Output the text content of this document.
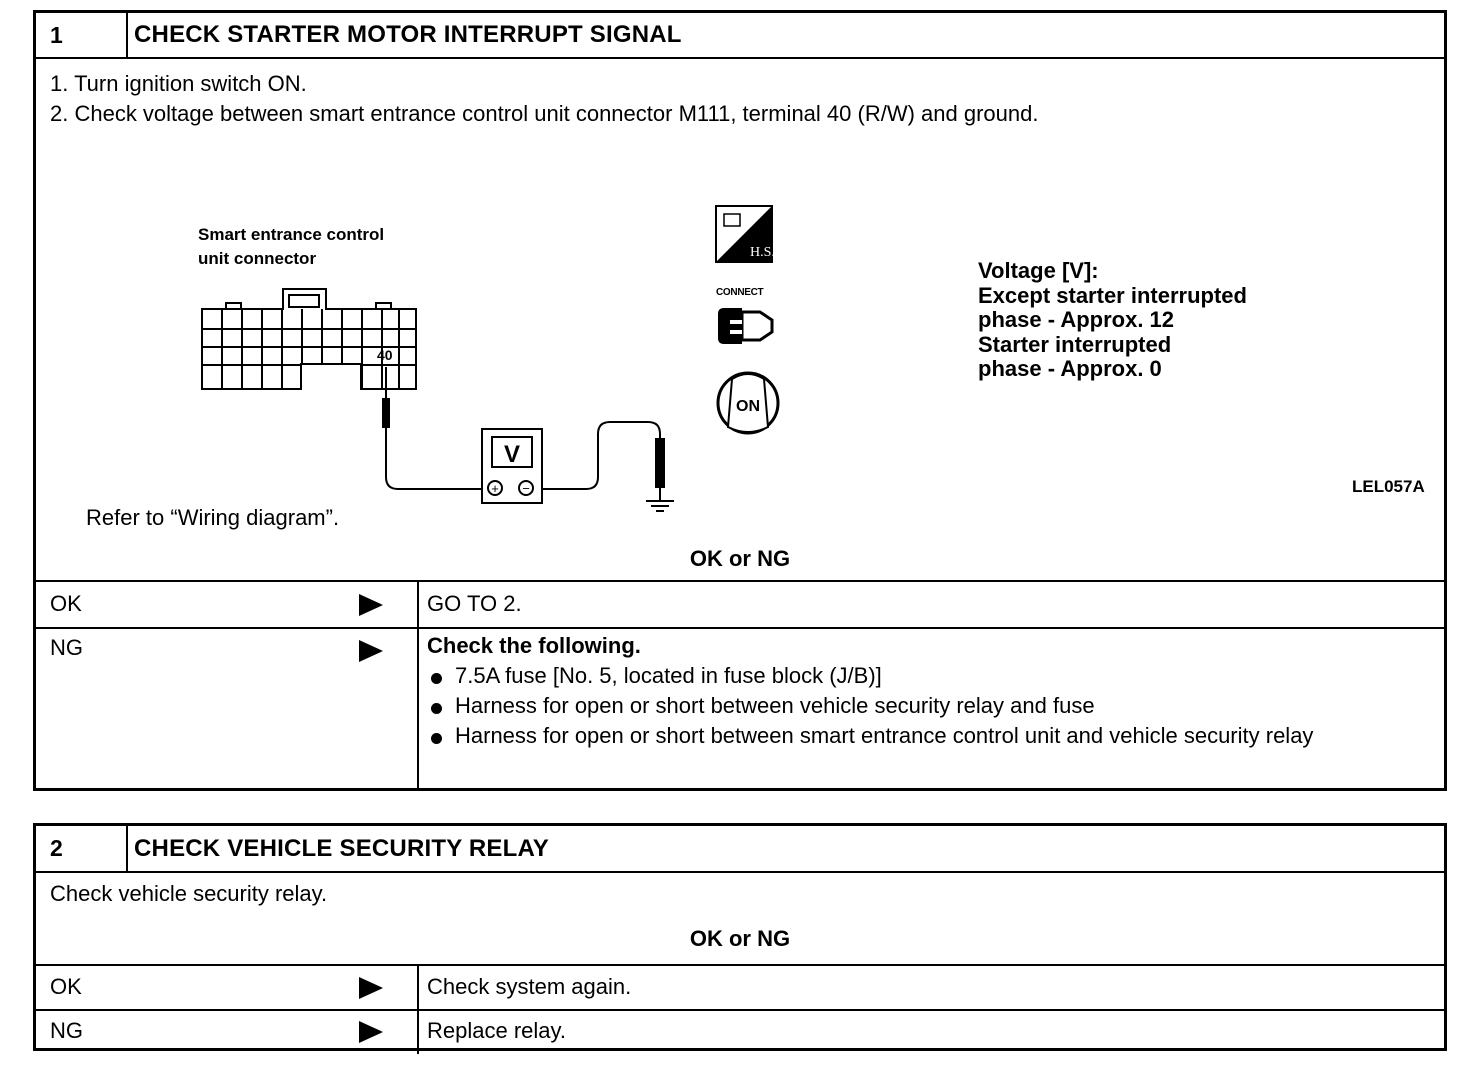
1	CHECK STARTER MOTOR INTERRUPT SIGNAL
1. Turn ignition switch ON.
2. Check voltage between smart entrance control unit connector M111, terminal 40 (R/W) and ground.
Smart entrance control
unit connector
40
V
+ −
H.S.
CONNECT
ON
Voltage [V]:
Except starter interrupted
phase - Approx. 12
Starter interrupted
phase - Approx. 0
LEL057A
Refer to “Wiring diagram”.
OK or NG
OK	GO TO 2.
NG	Check the following.
7.5A fuse [No. 5, located in fuse block (J/B)]
Harness for open or short between vehicle security relay and fuse
Harness for open or short between smart entrance control unit and vehicle security relay
2	CHECK VEHICLE SECURITY RELAY
Check vehicle security relay.
OK or NG
OK	Check system again.
NG	Replace relay.
